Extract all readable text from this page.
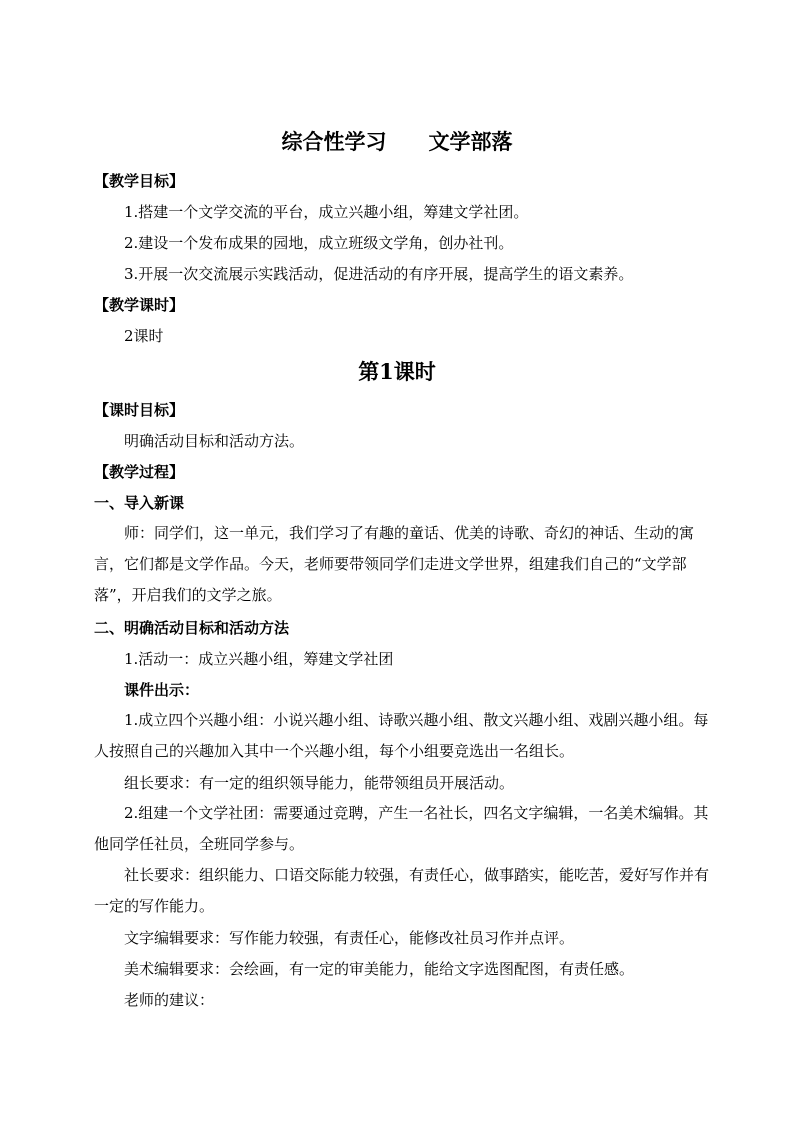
综合性学习　　文学部落
【教学目标】
1.搭建一个文学交流的平台，成立兴趣小组，筹建文学社团。
2.建设一个发布成果的园地，成立班级文学角，创办社刊。
3.开展一次交流展示实践活动，促进活动的有序开展，提高学生的语文素养。
【教学课时】
2课时
第1课时
【课时目标】
明确活动目标和活动方法。
【教学过程】
一、导入新课
师：同学们，这一单元，我们学习了有趣的童话、优美的诗歌、奇幻的神话、生动的寓言，它们都是文学作品。今天，老师要带领同学们走进文学世界，组建我们自己的“文学部落”，开启我们的文学之旅。
二、明确活动目标和活动方法
1.活动一：成立兴趣小组，筹建文学社团
课件出示：
1.成立四个兴趣小组：小说兴趣小组、诗歌兴趣小组、散文兴趣小组、戏剧兴趣小组。每人按照自己的兴趣加入其中一个兴趣小组，每个小组要竞选出一名组长。
组长要求：有一定的组织领导能力，能带领组员开展活动。
2.组建一个文学社团：需要通过竞聘，产生一名社长，四名文字编辑，一名美术编辑。其他同学任社员，全班同学参与。
社长要求：组织能力、口语交际能力较强，有责任心，做事踏实，能吃苦，爱好写作并有一定的写作能力。
文字编辑要求：写作能力较强，有责任心，能修改社员习作并点评。
美术编辑要求：会绘画，有一定的审美能力，能给文字选图配图，有责任感。
老师的建议：
